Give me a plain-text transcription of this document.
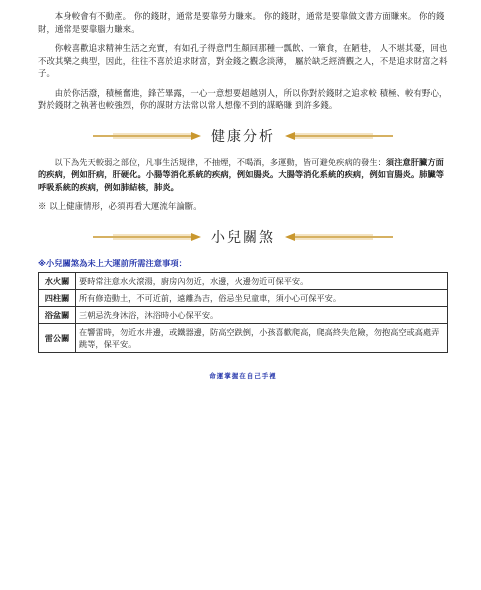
本身較會有不動產。 你的錢財，通常是要靠勞力賺來。 你的錢財，通常是要靠做文書方面賺來。 你的錢財，通常是要靠腦力賺來。

你較喜歡追求精神生活之充實，有如孔子得意門生顏回那種一瓢飲、一簞食，在陋巷， 人不堪其憂，回也不改其樂之典型，因此，往往不喜於追求財富，對金錢之觀念淡薄， 屬於缺乏經濟觀之人，不是追求財富之料子。

由於你活潑，積極奮進，鋒芒畢露，一心一意想要超越別人，所以你對於錢財之追求較 積極、較有野心，對於錢財之執著也較強烈，你的謀財方法常以常人想像不到的謀略賺 到許多錢。

健康分析

以下為先天較弱之部位，凡事生活規律，不抽煙，不喝酒，多運動，皆可避免疾病的發生：須注意肝臟方面的疾病，例如肝病，肝硬化。小腸等消化系統的疾病，例如腸炎。大腸等消化系統的疾病，例如盲腸炎。肺臟等呼吸系統的疾病，例如肺結核，肺炎。

※ 以上健康情形，必須再看大運流年論斷。

小兒關煞

※小兒關煞為未上大運前所需注意事項：

水火關	要時常注意水火滾湯，廚房內勿近，水邊，火邊勿近可保平安。
四柱關	所有修造動土，不可近前，遠離為吉，俗忌坐兒童車，須小心可保平安。
浴盆關	三朝忌洗身沐浴，沐浴時小心保平安。
雷公關	在響雷時，勿近水井邊，或鐵器邊，防高空跌倒，小孩喜歡爬高，爬高終失危險，勿抱高空或高處弄跳等，保平安。
命運掌握在自己手裡
